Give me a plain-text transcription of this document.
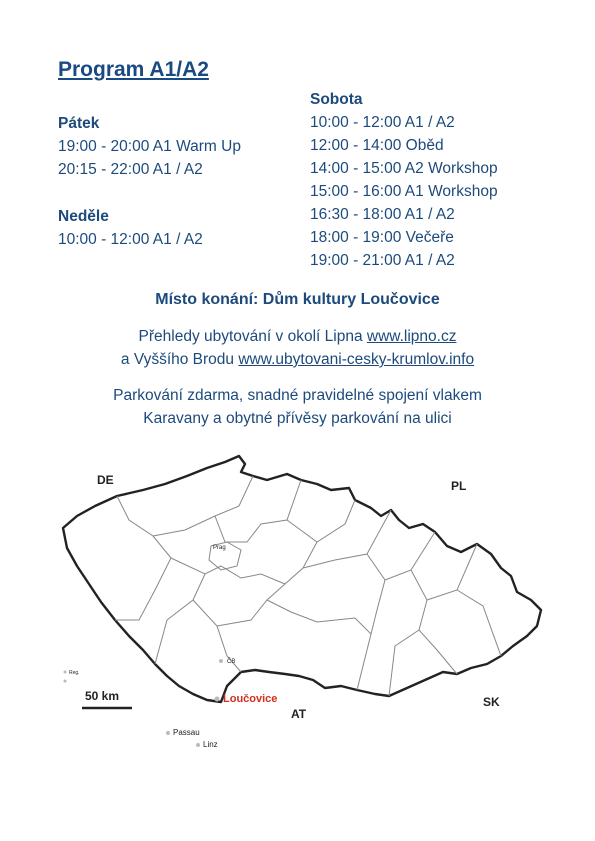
Program A1/A2
Pátek
19:00 - 20:00 A1 Warm Up
20:15 - 22:00 A1 / A2
Neděle
10:00 - 12:00 A1 / A2
Sobota
10:00 - 12:00 A1 / A2
12:00 - 14:00 Oběd
14:00 - 15:00 A2 Workshop
15:00 - 16:00 A1 Workshop
16:30 - 18:00 A1 / A2
18:00 - 19:00 Večeře
19:00 - 21:00 A1 / A2
Místo konání: Dům kultury Loučovice
Přehledy ubytování v okolí Lipna www.lipno.cz
a Vyššího Brodu www.ubytovani-cesky-krumlov.info
Parkování zdarma, snadné pravidelné spojení vlakem
Karavany a obytné přívěsy parkování na ulici
DE	PL
AT
SK
Prag
ČB
Reg.
Loučovice
Passau
Linz
50 km
